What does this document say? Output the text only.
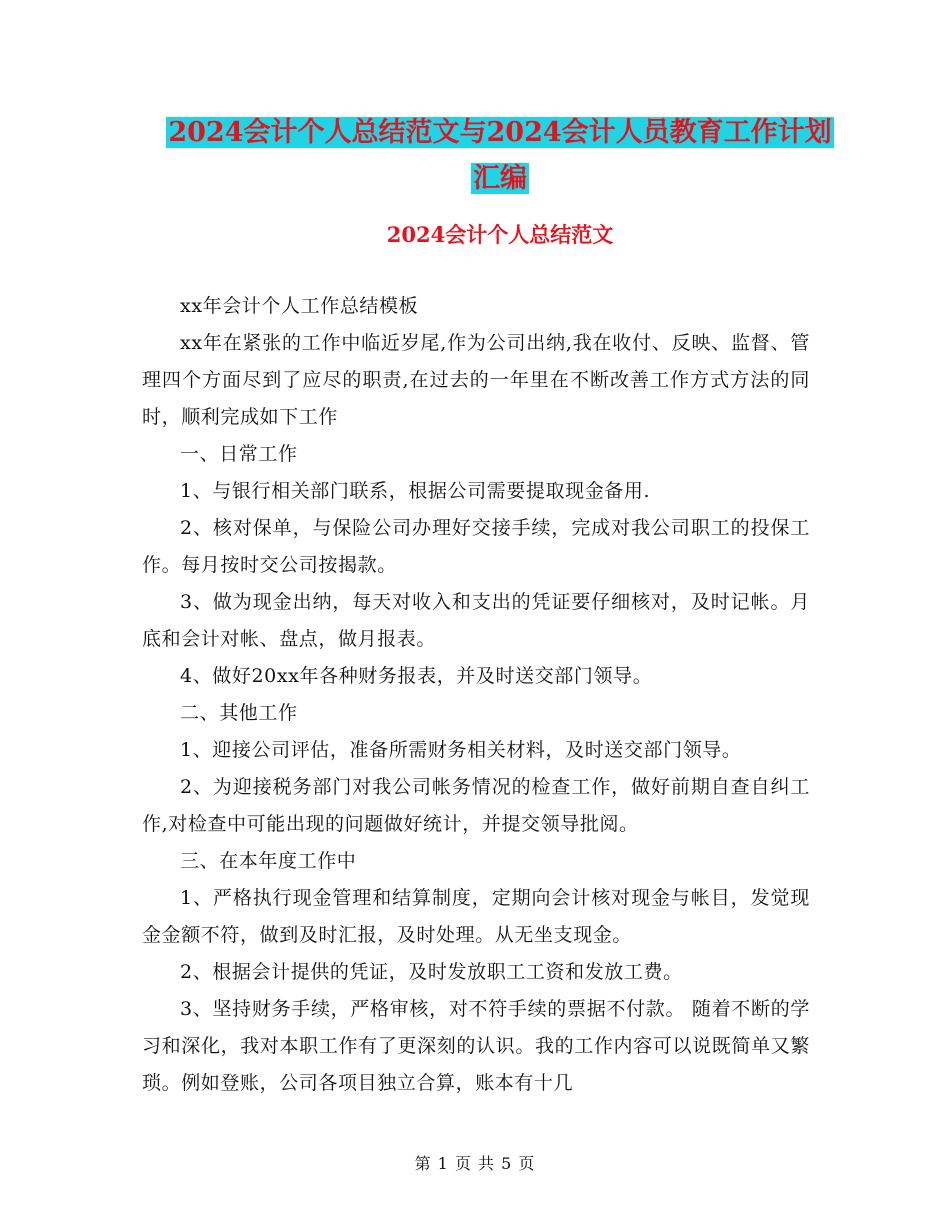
2024会计个人总结范文与2024会计人员教育工作计划
汇编
2024会计个人总结范文

xx年会计个人工作总结模板

xx年在紧张的工作中临近岁尾,作为公司出纳,我在收付、反映、监督、管理四个方面尽到了应尽的职责,在过去的一年里在不断改善工作方式方法的同时，顺利完成如下工作

一、日常工作

1、与银行相关部门联系，根据公司需要提取现金备用.

2、核对保单，与保险公司办理好交接手续，完成对我公司职工的投保工作。每月按时交公司按揭款。

3、做为现金出纳，每天对收入和支出的凭证要仔细核对，及时记帐。月底和会计对帐、盘点，做月报表。

4、做好20xx年各种财务报表，并及时送交部门领导。

二、其他工作

1、迎接公司评估，准备所需财务相关材料，及时送交部门领导。

2、为迎接税务部门对我公司帐务情况的检查工作，做好前期自查自纠工作,对检查中可能出现的问题做好统计，并提交领导批阅。

三、在本年度工作中

1、严格执行现金管理和结算制度，定期向会计核对现金与帐目，发觉现金金额不符，做到及时汇报，及时处理。从无坐支现金。

2、根据会计提供的凭证，及时发放职工工资和发放工费。

3、坚持财务手续，严格审核，对不符手续的票据不付款。 随着不断的学习和深化，我对本职工作有了更深刻的认识。我的工作内容可以说既简单又繁琐。例如登账，公司各项目独立合算，账本有十几

第 1 页 共 5 页
